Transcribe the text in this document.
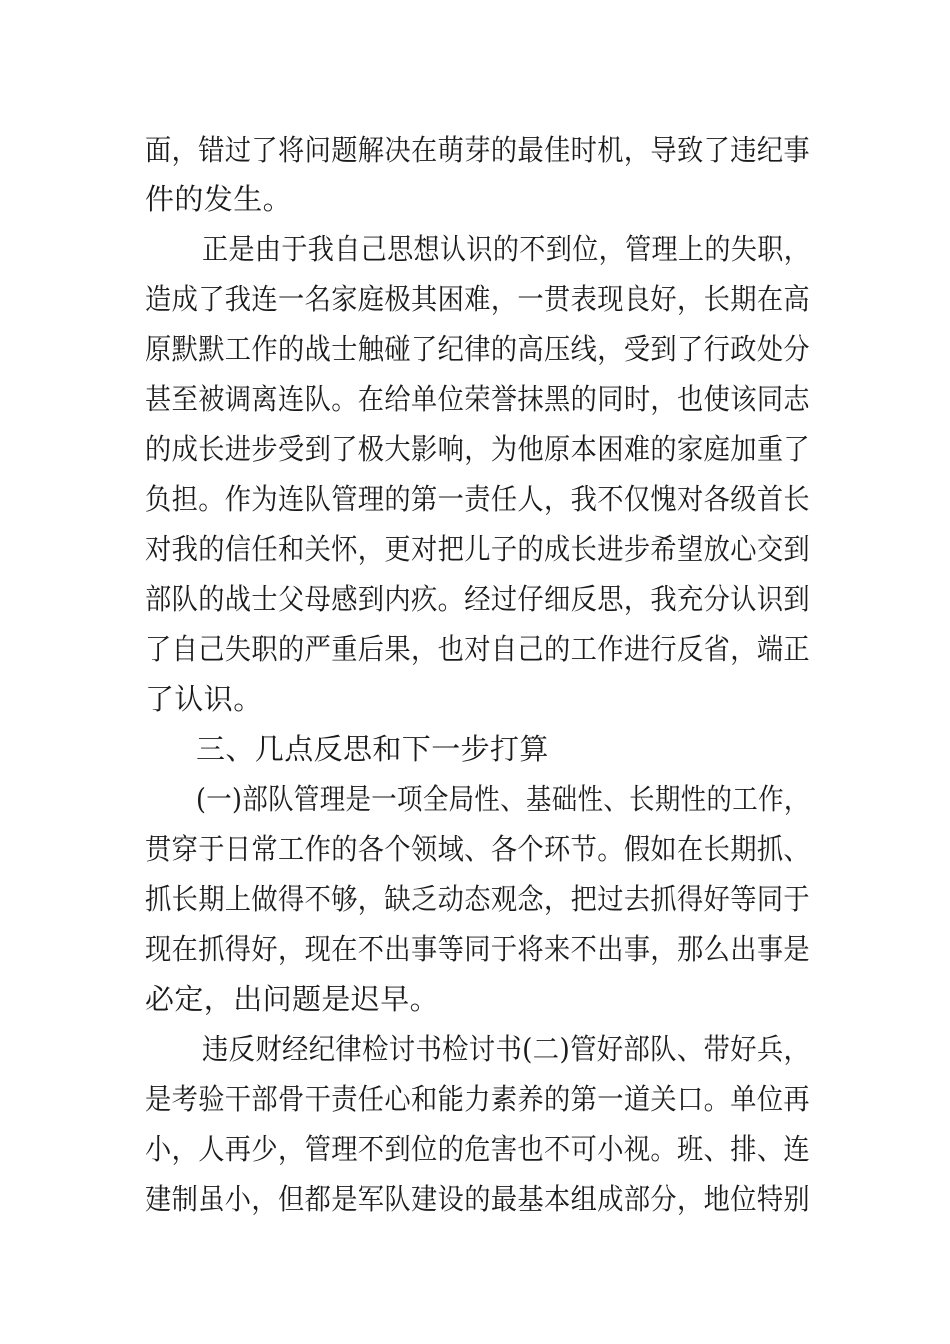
面，错过了将问题解决在萌芽的最佳时机，导致了违纪事
件的发生。
正是由于我自己思想认识的不到位，管理上的失职，
造成了我连一名家庭极其困难，一贯表现良好，长期在高
原默默工作的战士触碰了纪律的高压线，受到了行政处分
甚至被调离连队。在给单位荣誉抹黑的同时，也使该同志
的成长进步受到了极大影响，为他原本困难的家庭加重了
负担。作为连队管理的第一责任人，我不仅愧对各级首长
对我的信任和关怀，更对把儿子的成长进步希望放心交到
部队的战士父母感到内疚。经过仔细反思，我充分认识到
了自己失职的严重后果，也对自己的工作进行反省，端正
了认识。
三、几点反思和下一步打算
(一)部队管理是一项全局性、基础性、长期性的工作，
贯穿于日常工作的各个领域、各个环节。假如在长期抓、
抓长期上做得不够，缺乏动态观念，把过去抓得好等同于
现在抓得好，现在不出事等同于将来不出事，那么出事是
必定，出问题是迟早。
违反财经纪律检讨书检讨书(二)管好部队、带好兵，
是考验干部骨干责任心和能力素养的第一道关口。单位再
小，人再少，管理不到位的危害也不可小视。班、排、连
建制虽小，但都是军队建设的最基本组成部分，地位特别
